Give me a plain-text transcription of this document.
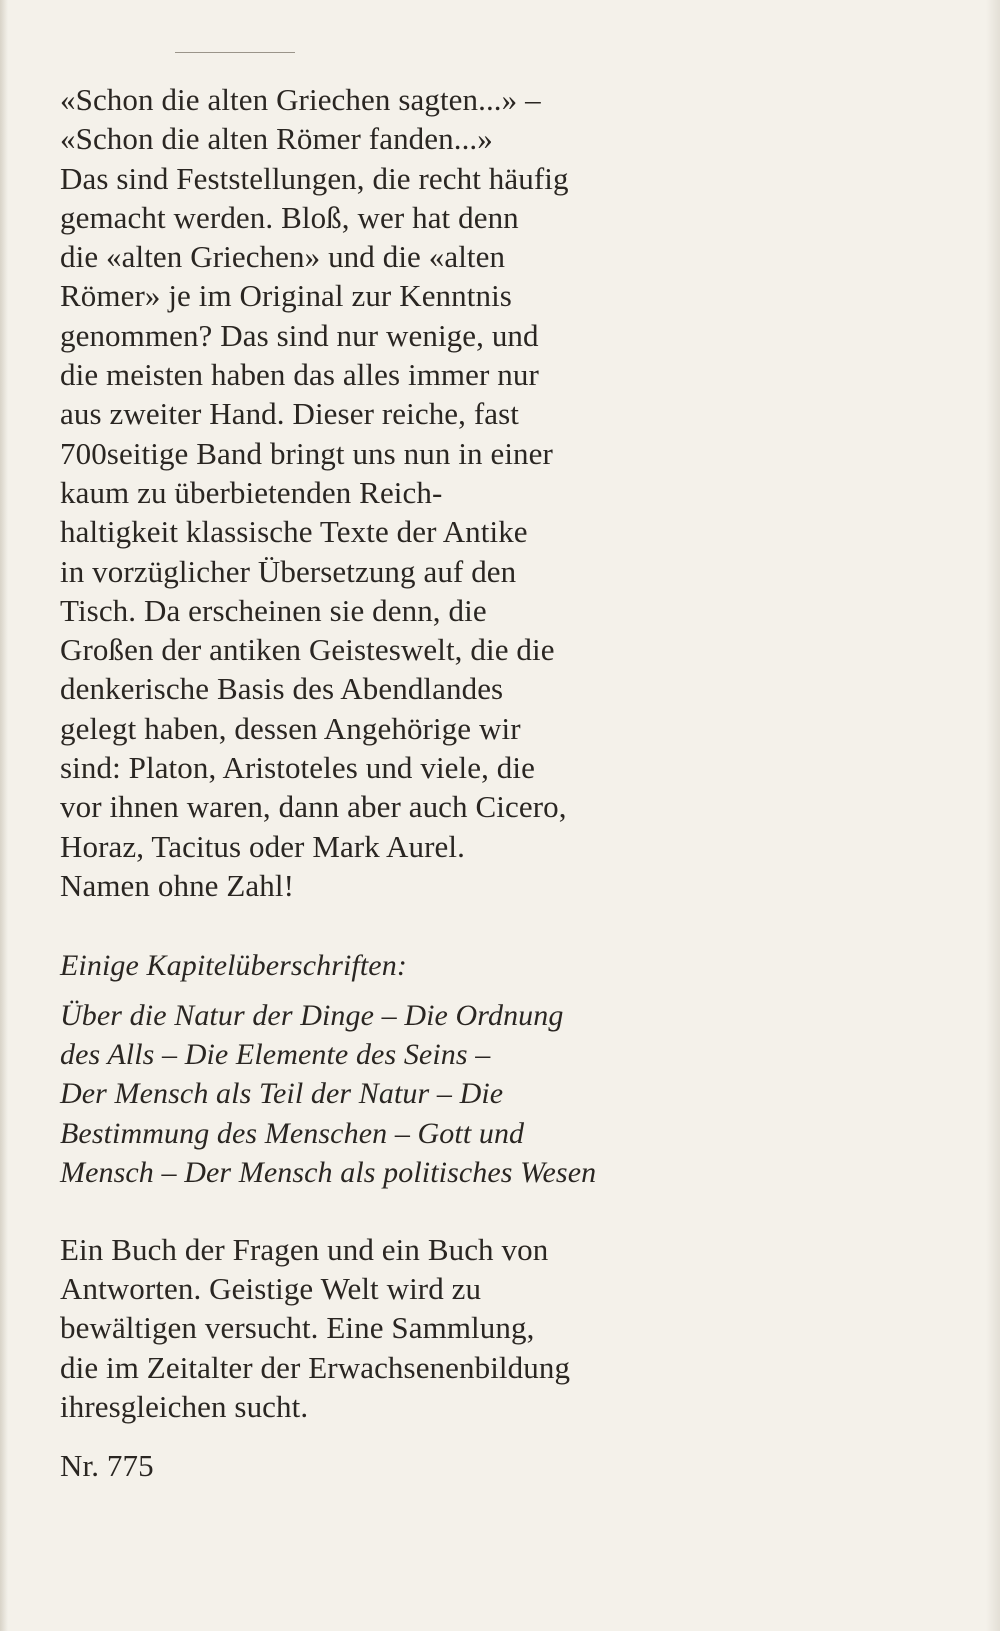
«Schon die alten Griechen sagten...» –
«Schon die alten Römer fanden...»
Das sind Feststellungen, die recht häufig
gemacht werden. Bloß, wer hat denn
die «alten Griechen» und die «alten
Römer» je im Original zur Kenntnis
genommen? Das sind nur wenige, und
die meisten haben das alles immer nur
aus zweiter Hand. Dieser reiche, fast
700seitige Band bringt uns nun in einer
kaum zu überbietenden Reich-
haltigkeit klassische Texte der Antike
in vorzüglicher Übersetzung auf den
Tisch. Da erscheinen sie denn, die
Großen der antiken Geisteswelt, die die
denkerische Basis des Abendlandes
gelegt haben, dessen Angehörige wir
sind: Platon, Aristoteles und viele, die
vor ihnen waren, dann aber auch Cicero,
Horaz, Tacitus oder Mark Aurel.
Namen ohne Zahl!
Einige Kapitelüberschriften:
Über die Natur der Dinge – Die Ordnung
des Alls – Die Elemente des Seins –
Der Mensch als Teil der Natur – Die
Bestimmung des Menschen – Gott und
Mensch – Der Mensch als politisches Wesen
Ein Buch der Fragen und ein Buch von
Antworten. Geistige Welt wird zu
bewältigen versucht. Eine Sammlung,
die im Zeitalter der Erwachsenenbildung
ihresgleichen sucht.
Nr. 775
